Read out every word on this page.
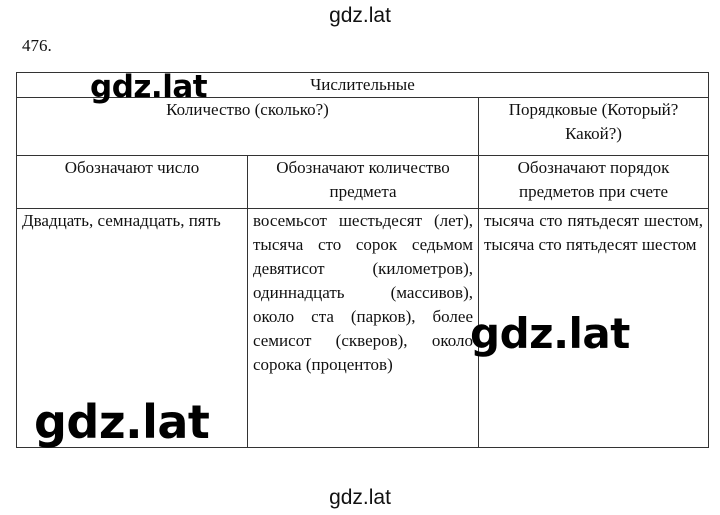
gdz.lat
476.
Числительные		
Количество (сколько?)		Порядковые (Который? Какой?)
Обозначают число	Обозначают количество предмета	Обозначают порядок предметов при счете
Двадцать, семнадцать, пять	восемьсот шестьдесят (лет), тысяча сто сорок седьмом девятисот (километров), одиннадцать (массивов), около ста (парков), более семисот (скверов), около сорока (процентов)	тысяча сто пятьдесят шестом, тысяча сто пятьдесят шестом
gdz.lat
gdz.lat
gdz.lat
gdz.lat
